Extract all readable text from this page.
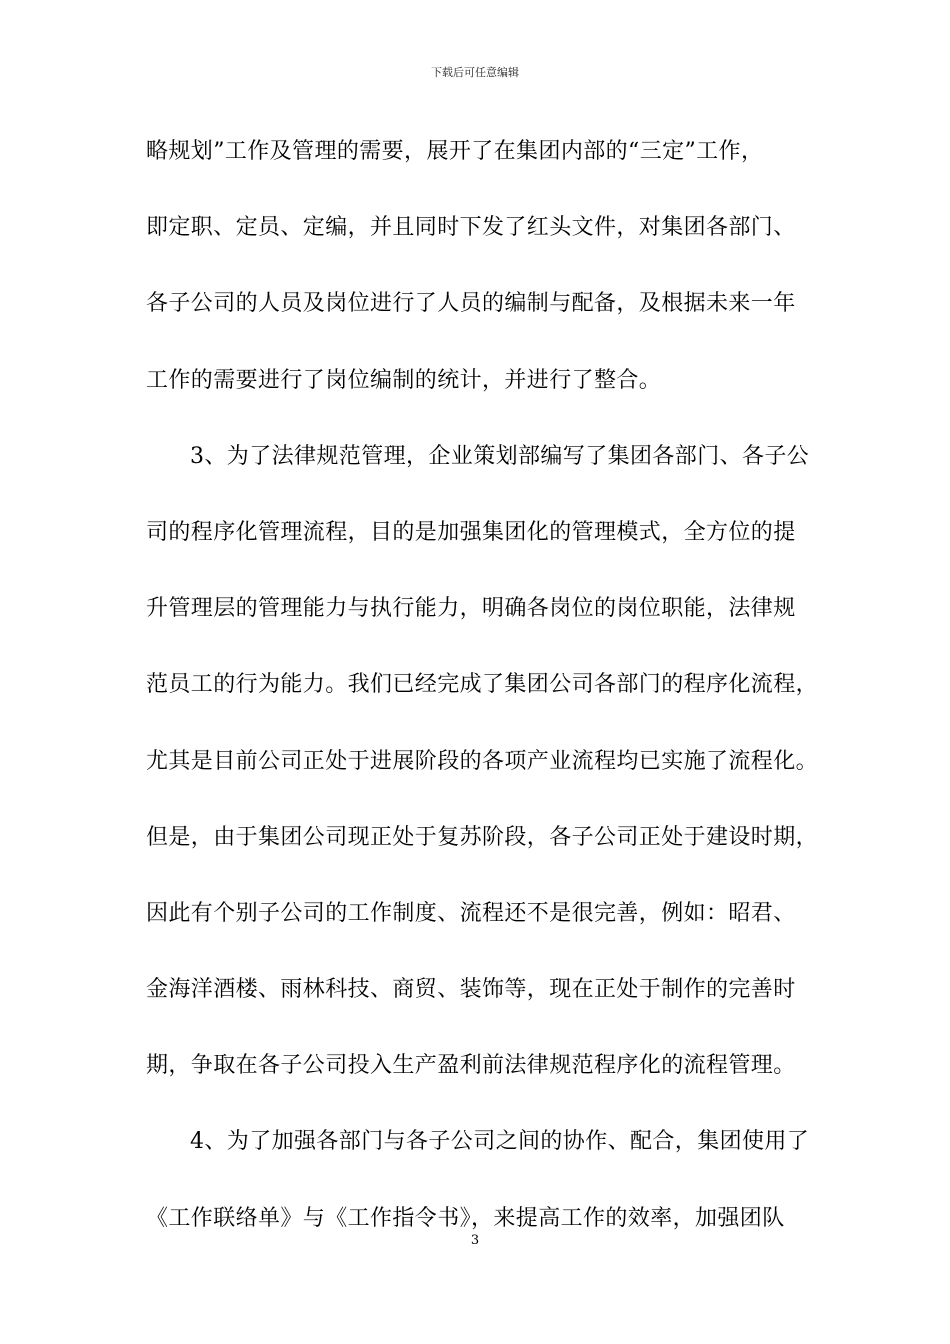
下载后可任意编辑
略规划”工作及管理的需要，展开了在集团内部的“三定”工作，
即定职、定员、定编，并且同时下发了红头文件，对集团各部门、
各子公司的人员及岗位进行了人员的编制与配备，及根据未来一年
工作的需要进行了岗位编制的统计，并进行了整合。
3、为了法律规范管理，企业策划部编写了集团各部门、各子公
司的程序化管理流程，目的是加强集团化的管理模式，全方位的提
升管理层的管理能力与执行能力，明确各岗位的岗位职能，法律规
范员工的行为能力。我们已经完成了集团公司各部门的程序化流程，
尤其是目前公司正处于进展阶段的各项产业流程均已实施了流程化。
但是，由于集团公司现正处于复苏阶段，各子公司正处于建设时期，
因此有个别子公司的工作制度、流程还不是很完善，例如：昭君、
金海洋酒楼、雨林科技、商贸、装饰等，现在正处于制作的完善时
期，争取在各子公司投入生产盈利前法律规范程序化的流程管理。
4、为了加强各部门与各子公司之间的协作、配合，集团使用了
《工作联络单》与《工作指令书》，来提高工作的效率，加强团队
3
